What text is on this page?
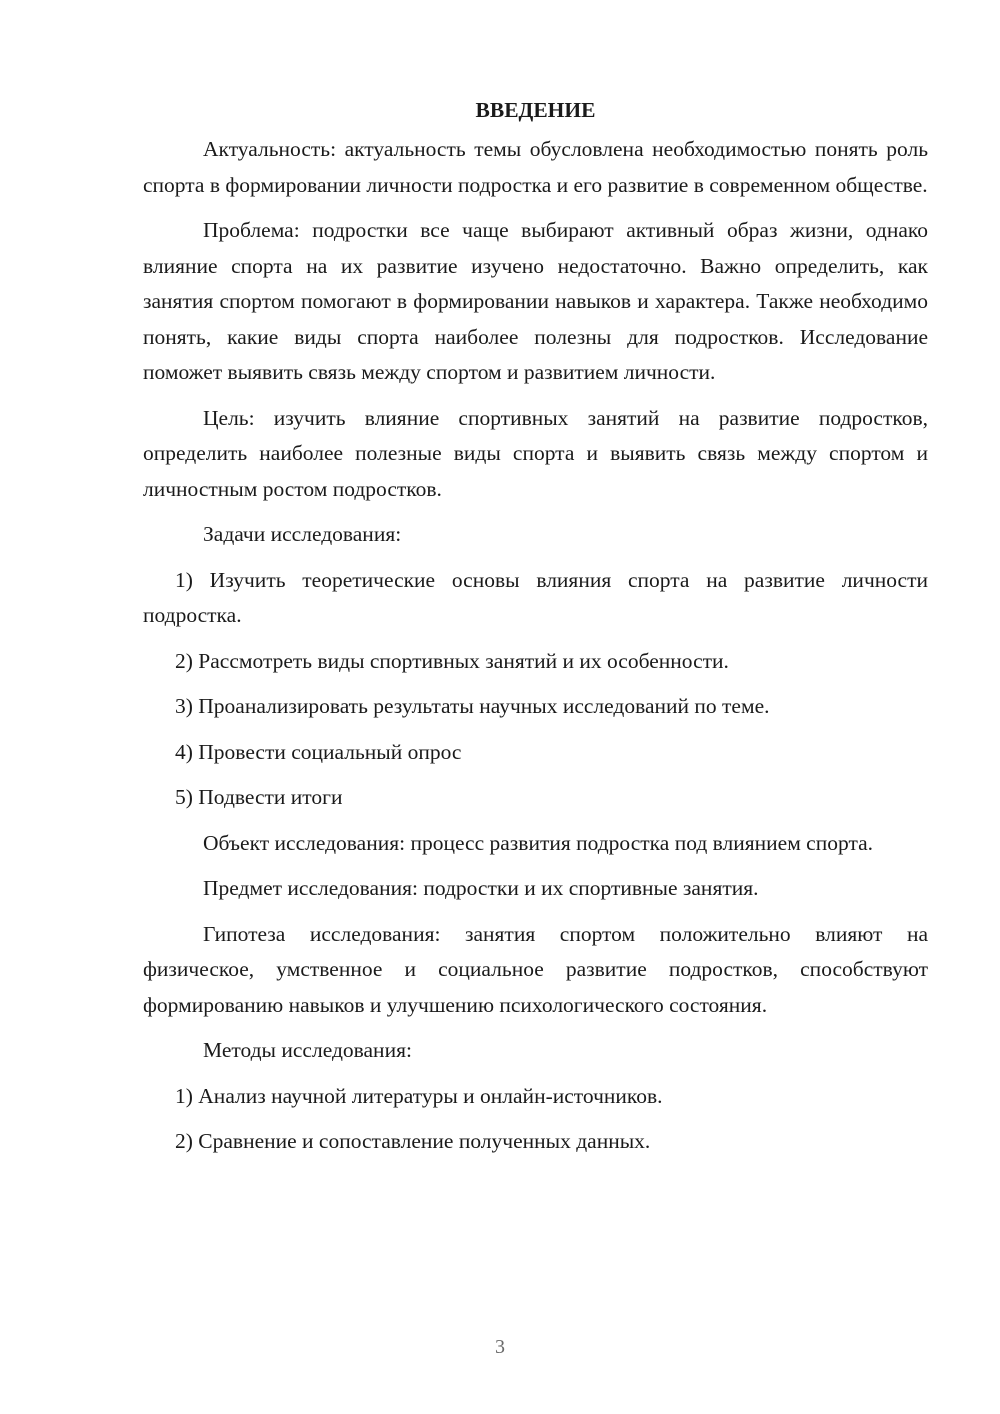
ВВЕДЕНИЕ

Актуальность: актуальность темы обусловлена необходимостью понять роль спорта в формировании личности подростка и его развитие в современном обществе.

Проблема: подростки все чаще выбирают активный образ жизни, однако влияние спорта на их развитие изучено недостаточно. Важно определить, как занятия спортом помогают в формировании навыков и характера. Также необходимо понять, какие виды спорта наиболее полезны для подростков. Исследование поможет выявить связь между спортом и развитием личности.

Цель: изучить влияние спортивных занятий на развитие подростков, определить наиболее полезные виды спорта и выявить связь между спортом и личностным ростом подростков.

Задачи исследования:

1) Изучить теоретические основы влияния спорта на развитие личности подростка.

2) Рассмотреть виды спортивных занятий и их особенности.

3) Проанализировать результаты научных исследований по теме.

4) Провести социальный опрос

5) Подвести итоги

Объект исследования: процесс развития подростка под влиянием спорта.

Предмет исследования: подростки и их спортивные занятия.

Гипотеза исследования: занятия спортом положительно влияют на физическое, умственное и социальное развитие подростков, способствуют формированию навыков и улучшению психологического состояния.

Методы исследования:

1) Анализ научной литературы и онлайн-источников.

2) Сравнение и сопоставление полученных данных.

3
